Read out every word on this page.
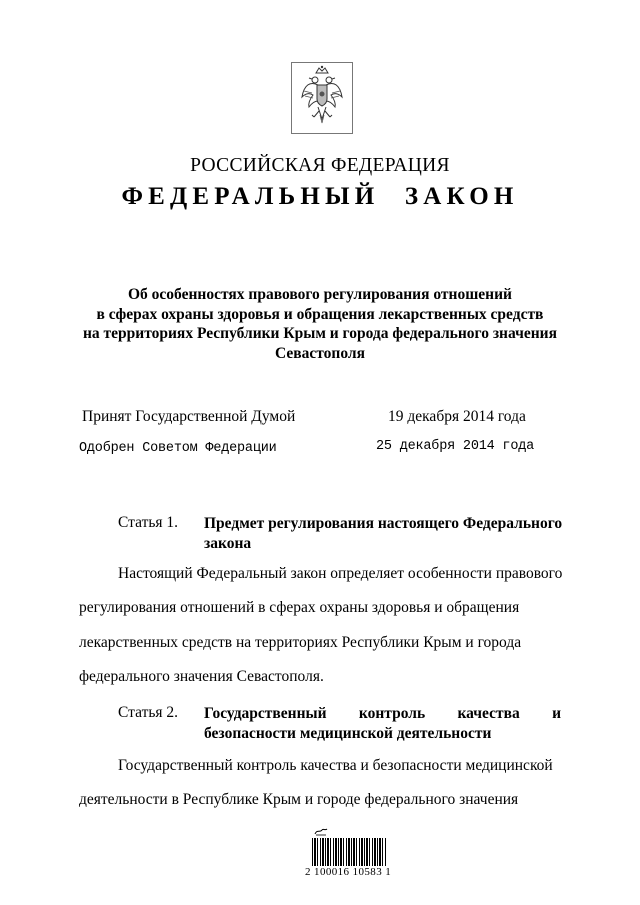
РОССИЙСКАЯ ФЕДЕРАЦИЯ
ФЕДЕРАЛЬНЫЙ ЗАКОН
Об особенностях правового регулирования отношений
в сферах охраны здоровья и обращения лекарственных средств
на территориях Республики Крым и города федерального значения
Севастополя
Принят Государственной Думой	19 декабря 2014 года
Одобрен Советом Федерации	25 декабря 2014 года
Статья 1. Предмет регулирования настоящего Федерального
закона
Настоящий Федеральный закон определяет особенности правового
регулирования отношений в сферах охраны здоровья и обращения
лекарственных средств на территориях Республики Крым и города
федерального значения Севастополя.
Статья 2. Государственный контроль качества и
безопасности медицинской деятельности
Государственный контроль качества и безопасности медицинской
деятельности в Республике Крым и городе федерального значения
2 100016 10583 1
